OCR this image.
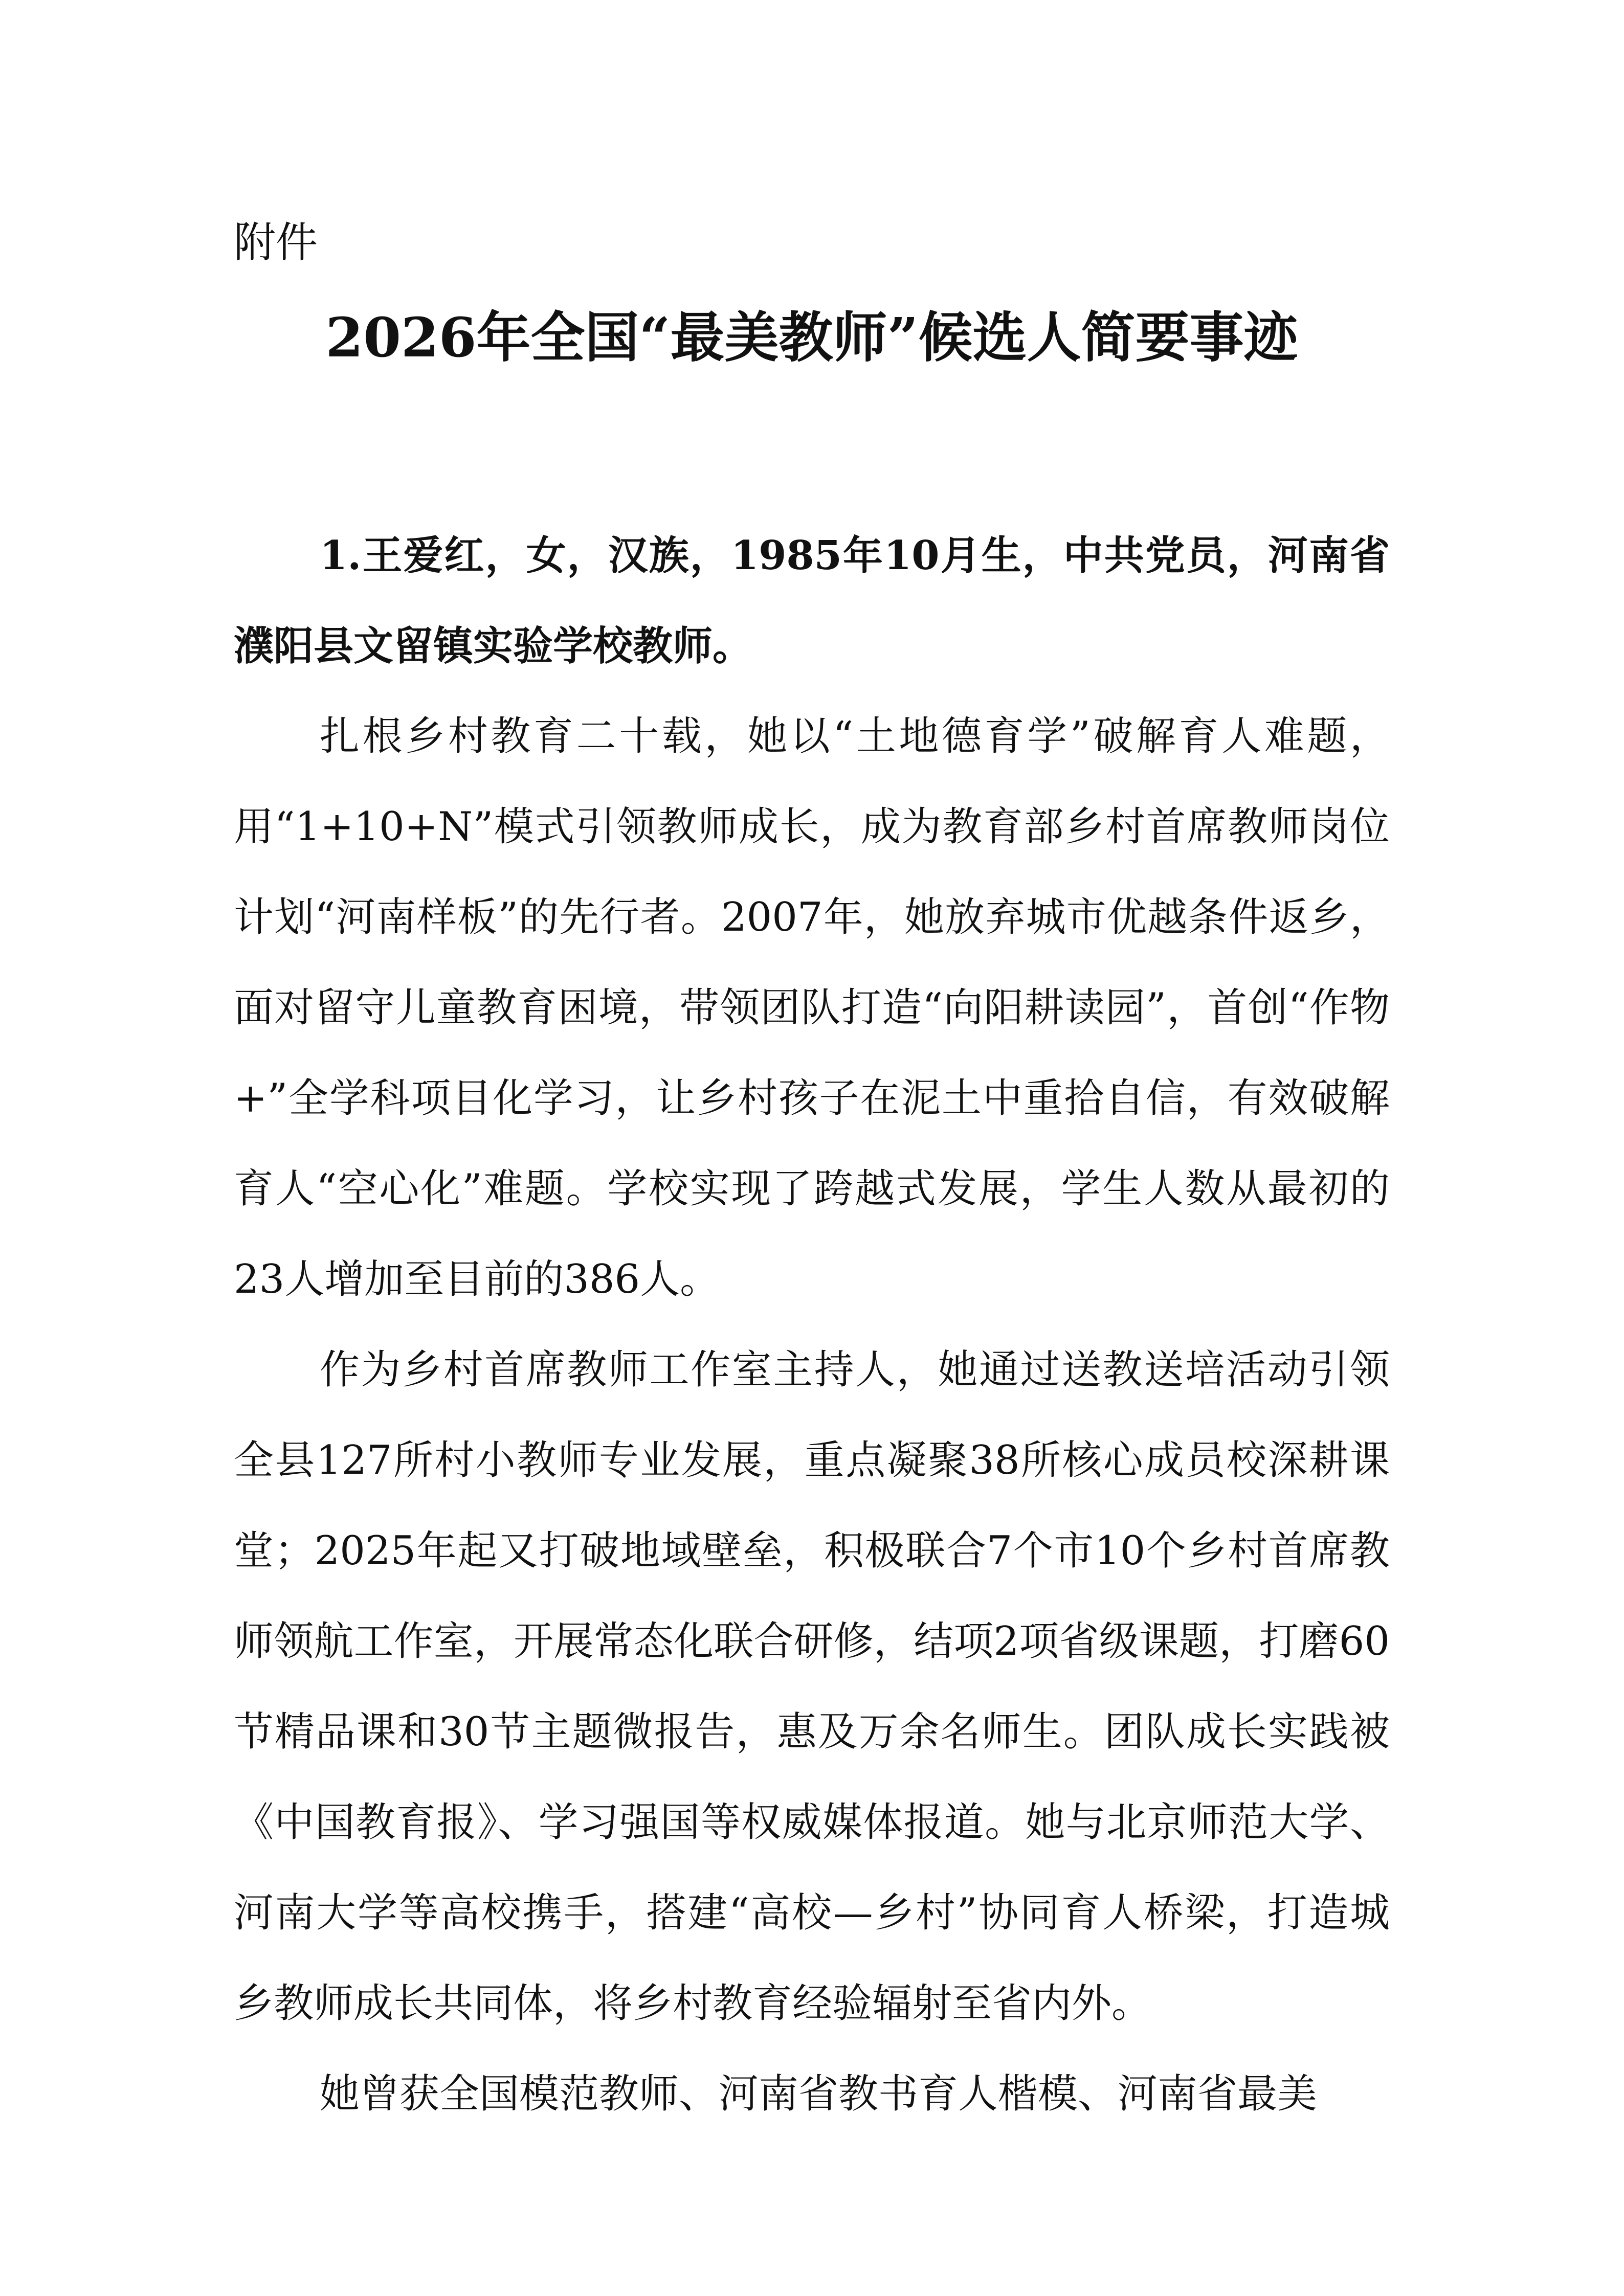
附件
2026年全国“最美教师”候选人简要事迹

1.王爱红，女，汉族，1985年10月生，中共党员，河南省濮阳县文留镇实验学校教师。

扎根乡村教育二十载，她以“土地德育学”破解育人难题，用“1+10+N”模式引领教师成长，成为教育部乡村首席教师岗位计划“河南样板”的先行者。2007年，她放弃城市优越条件返乡，面对留守儿童教育困境，带领团队打造“向阳耕读园”，首创“作物+”全学科项目化学习，让乡村孩子在泥土中重拾自信，有效破解育人“空心化”难题。学校实现了跨越式发展，学生人数从最初的23人增加至目前的386人。

作为乡村首席教师工作室主持人，她通过送教送培活动引领全县127所村小教师专业发展，重点凝聚38所核心成员校深耕课堂；2025年起又打破地域壁垒，积极联合7个市10个乡村首席教师领航工作室，开展常态化联合研修，结项2项省级课题，打磨60节精品课和30节主题微报告，惠及万余名师生。团队成长实践被《中国教育报》、学习强国等权威媒体报道。她与北京师范大学、河南大学等高校携手，搭建“高校—乡村”协同育人桥梁，打造城乡教师成长共同体，将乡村教育经验辐射至省内外。

她曾获全国模范教师、河南省教书育人楷模、河南省最美
